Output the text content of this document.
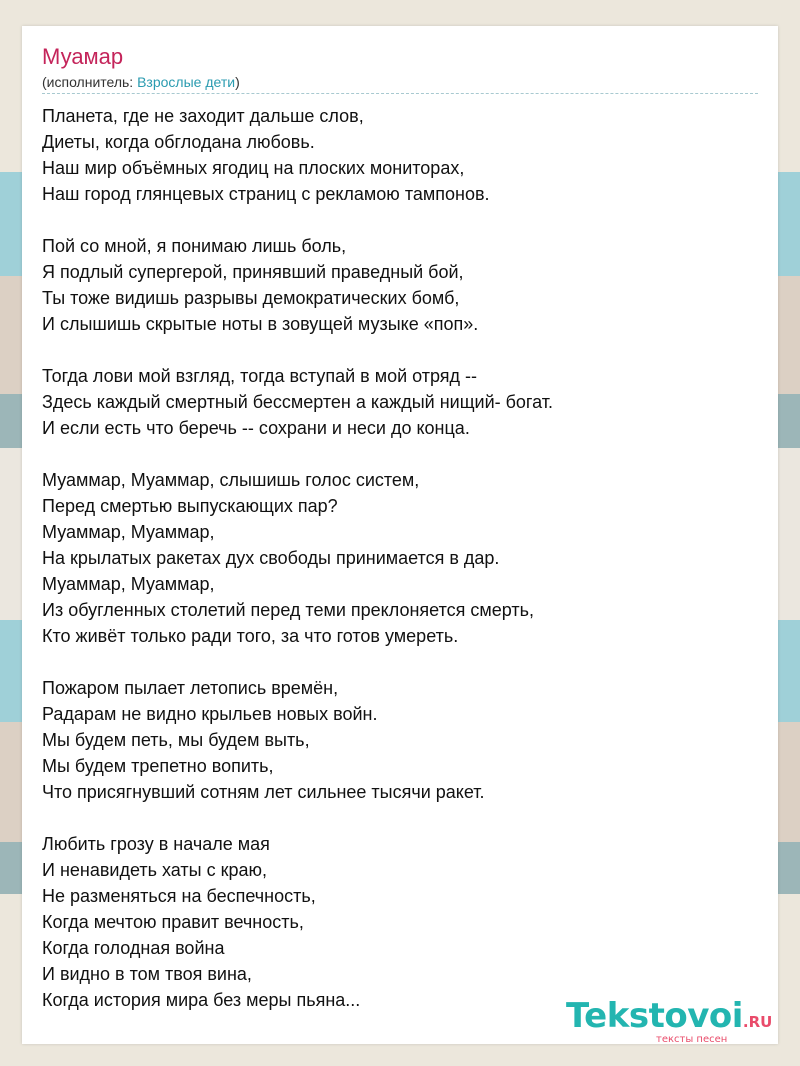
Муамар
(исполнитель: Взрослые дети)
Планета, где не заходит дальше слов,
Диеты, когда обглодана любовь.
Наш мир объёмных ягодиц на плоских мониторах,
Наш город глянцевых страниц с рекламою тампонов.
Пой со мной, я понимаю лишь боль,
Я подлый супергерой, принявший праведный бой,
Ты тоже видишь разрывы демократических бомб,
И слышишь скрытые ноты в зовущей музыке «поп».
Тогда лови мой взгляд, тогда вступай в мой отряд --
Здесь каждый смертный бессмертен а каждый нищий- богат.
И если есть что беречь -- сохрани и неси до конца.
Муаммар, Муаммар, слышишь голос систем,
Перед смертью выпускающих пар?
Муаммар, Муаммар,
На крылатых ракетах дух свободы принимается в дар.
Муаммар, Муаммар,
Из обугленных столетий перед теми преклоняется смерть,
Кто живёт только ради того, за что готов умереть.
Пожаром пылает летопись времён,
Радарам не видно крыльев новых войн.
Мы будем петь, мы будем выть,
Мы будем трепетно вопить,
Что присягнувший сотням лет сильнее тысячи ракет.
Любить грозу в начале мая
И ненавидеть хаты с краю,
Не разменяться на беспечность,
Когда мечтою правит вечность,
Когда голодная война
И видно в том твоя вина,
Когда история мира без меры пьяна...	Tekstovoi.RU
тексты песен
